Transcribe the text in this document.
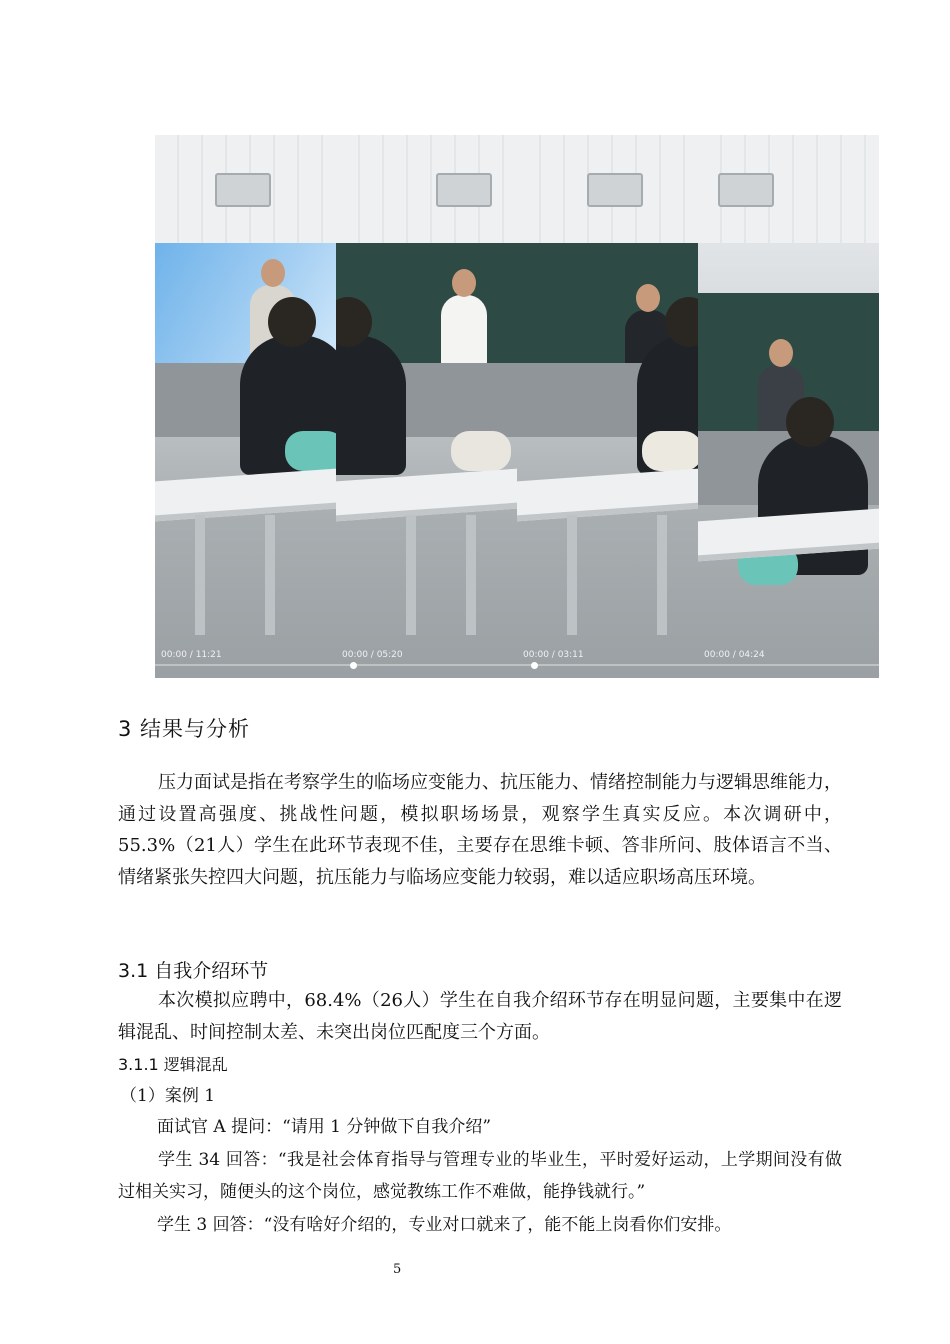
00:00 / 11:21	00:00 / 05:20	00:00 / 03:11	00:00 / 04:24
3 结果与分析
压力面试是指在考察学生的临场应变能力、抗压能力、情绪控制能力与逻辑思维能力，通过设置高强度、挑战性问题，模拟职场场景，观察学生真实反应。本次调研中，55.3%（21人）学生在此环节表现不佳，主要存在思维卡顿、答非所问、肢体语言不当、情绪紧张失控四大问题，抗压能力与临场应变能力较弱，难以适应职场高压环境。
3.1 自我介绍环节
本次模拟应聘中，68.4%（26人）学生在自我介绍环节存在明显问题，主要集中在逻辑混乱、时间控制太差、未突出岗位匹配度三个方面。
3.1.1 逻辑混乱
（1）案例 1
面试官 A 提问：“请用 1 分钟做下自我介绍”
学生 34 回答：“我是社会体育指导与管理专业的毕业生，平时爱好运动，上学期间没有做过相关实习，随便头的这个岗位，感觉教练工作不难做，能挣钱就行。”
学生 3 回答：“没有啥好介绍的，专业对口就来了，能不能上岗看你们安排。
5
